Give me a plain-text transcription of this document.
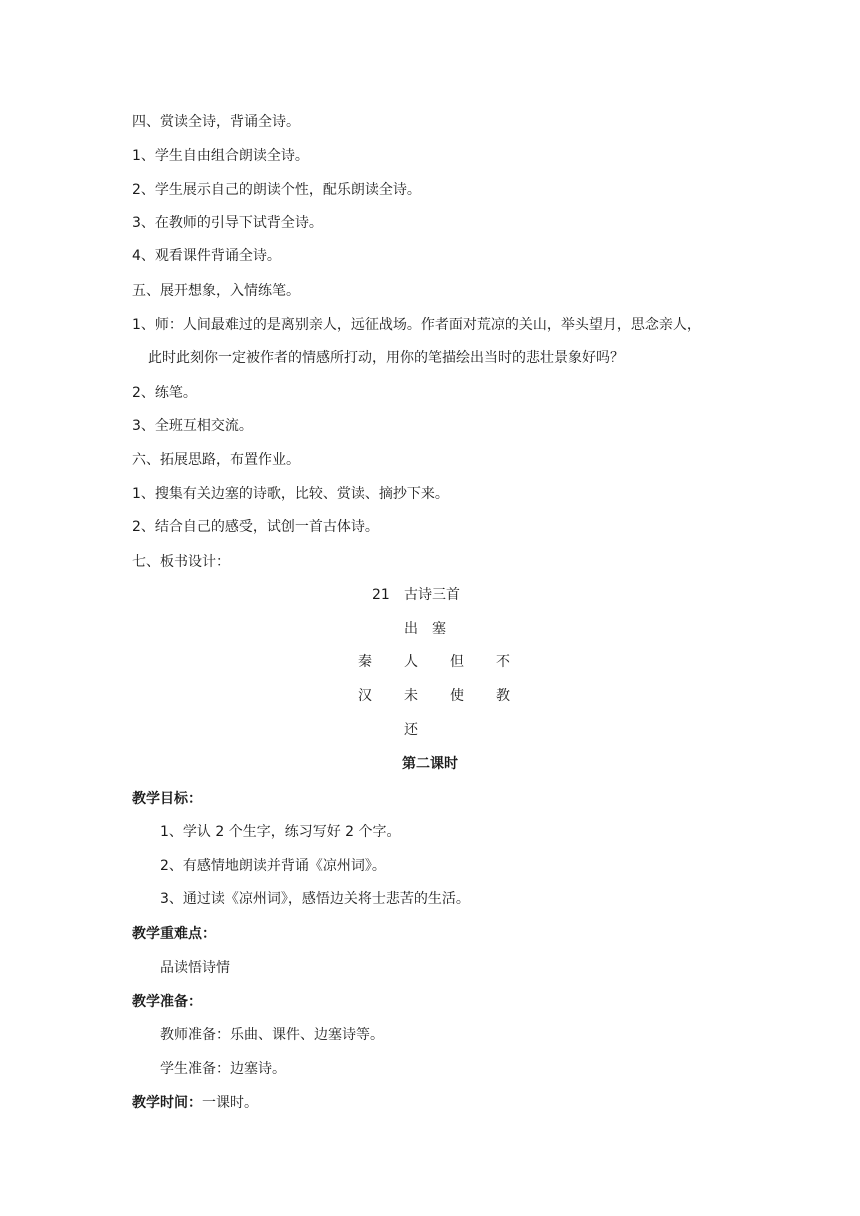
四、赏读全诗，背诵全诗。
1、学生自由组合朗读全诗。
2、学生展示自己的朗读个性，配乐朗读全诗。
3、在教师的引导下试背全诗。
4、观看课件背诵全诗。
五、展开想象，入情练笔。
1、师：人间最难过的是离别亲人，远征战场。作者面对荒凉的关山，举头望月，思念亲人，
此时此刻你一定被作者的情感所打动，用你的笔描绘出当时的悲壮景象好吗？
2、练笔。
3、全班互相交流。
六、拓展思路，布置作业。
1、搜集有关边塞的诗歌，比较、赏读、摘抄下来。
2、结合自己的感受，试创一首古体诗。
七、板书设计：
21 古诗三首
出　塞
秦 人 但 不
汉 未 使 教
还
第二课时
教学目标：
1、学认 2 个生字，练习写好 2 个字。
2、有感情地朗读并背诵《凉州词》。
3、通过读《凉州词》，感悟边关将士悲苦的生活。
教学重难点：
品读悟诗情
教学准备：
教师准备：乐曲、课件、边塞诗等。
学生准备：边塞诗。
教学时间：一课时。
